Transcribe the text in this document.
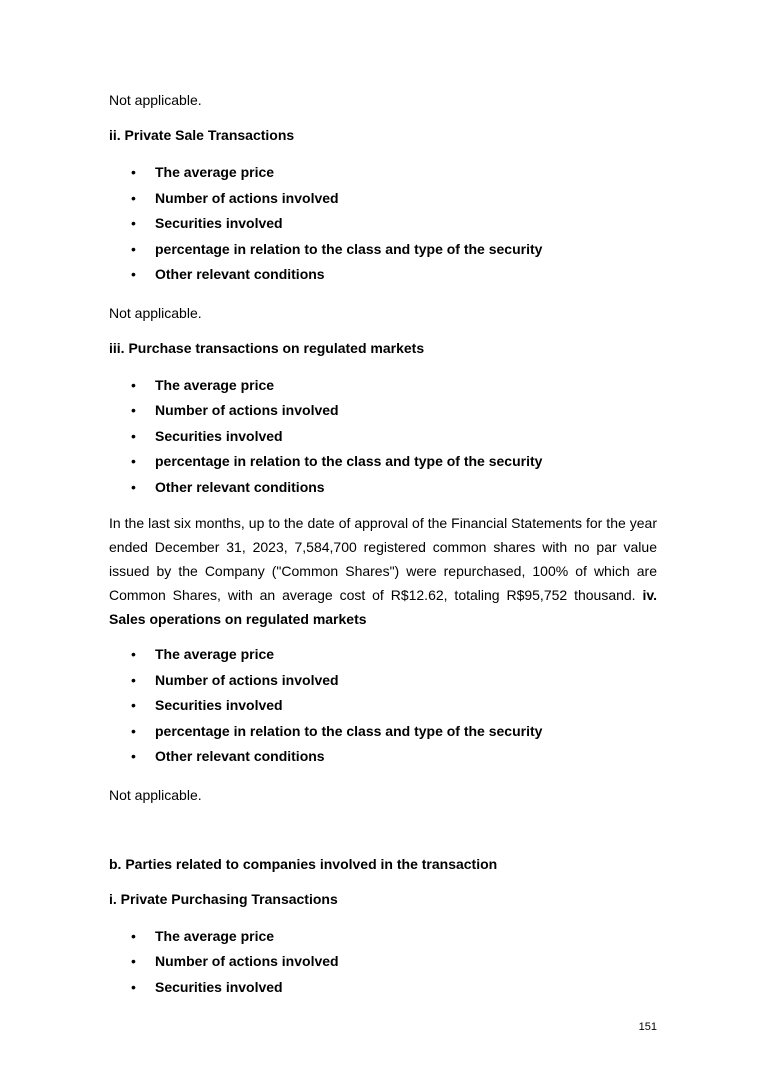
Not applicable.

ii. Private Sale Transactions

• The average price
• Number of actions involved
• Securities involved
• percentage in relation to the class and type of the security
• Other relevant conditions

Not applicable.

iii. Purchase transactions on regulated markets

• The average price
• Number of actions involved
• Securities involved
• percentage in relation to the class and type of the security
• Other relevant conditions

In the last six months, up to the date of approval of the Financial Statements for the year ended December 31, 2023, 7,584,700 registered common shares with no par value issued by the Company ("Common Shares") were repurchased, 100% of which are Common Shares, with an average cost of R$12.62, totaling R$95,752 thousand. iv. Sales operations on regulated markets

• The average price
• Number of actions involved
• Securities involved
• percentage in relation to the class and type of the security
• Other relevant conditions

Not applicable.

b. Parties related to companies involved in the transaction

i. Private Purchasing Transactions

• The average price
• Number of actions involved
• Securities involved
151
